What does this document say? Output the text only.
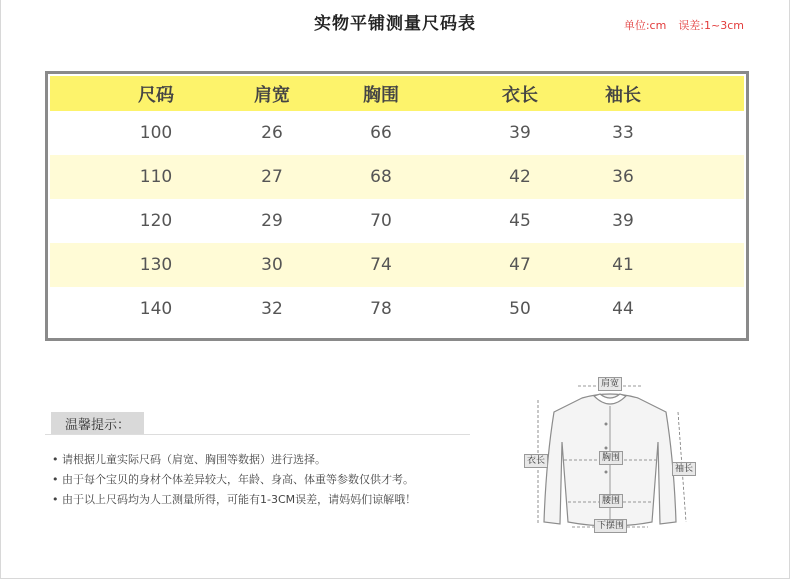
实物平铺测量尺码表	单位:cm 误差:1~3cm
尺码	肩宽	胸围	衣长	袖长
100	26	66	39	33
110	27	68	42	36
120	29	70	45	39
130	30	74	47	41
140	32	78	50	44
温馨提示：
• 请根据儿童实际尺码（肩宽、胸围等数据）进行选择。
• 由于每个宝贝的身材个体差异较大，年龄、身高、体重等参数仅供才考。
• 由于以上尺码均为人工测量所得，可能有1-3CM误差，请妈妈们谅解哦！
肩宽
衣长	胸围
袖长
腰围
下摆围
